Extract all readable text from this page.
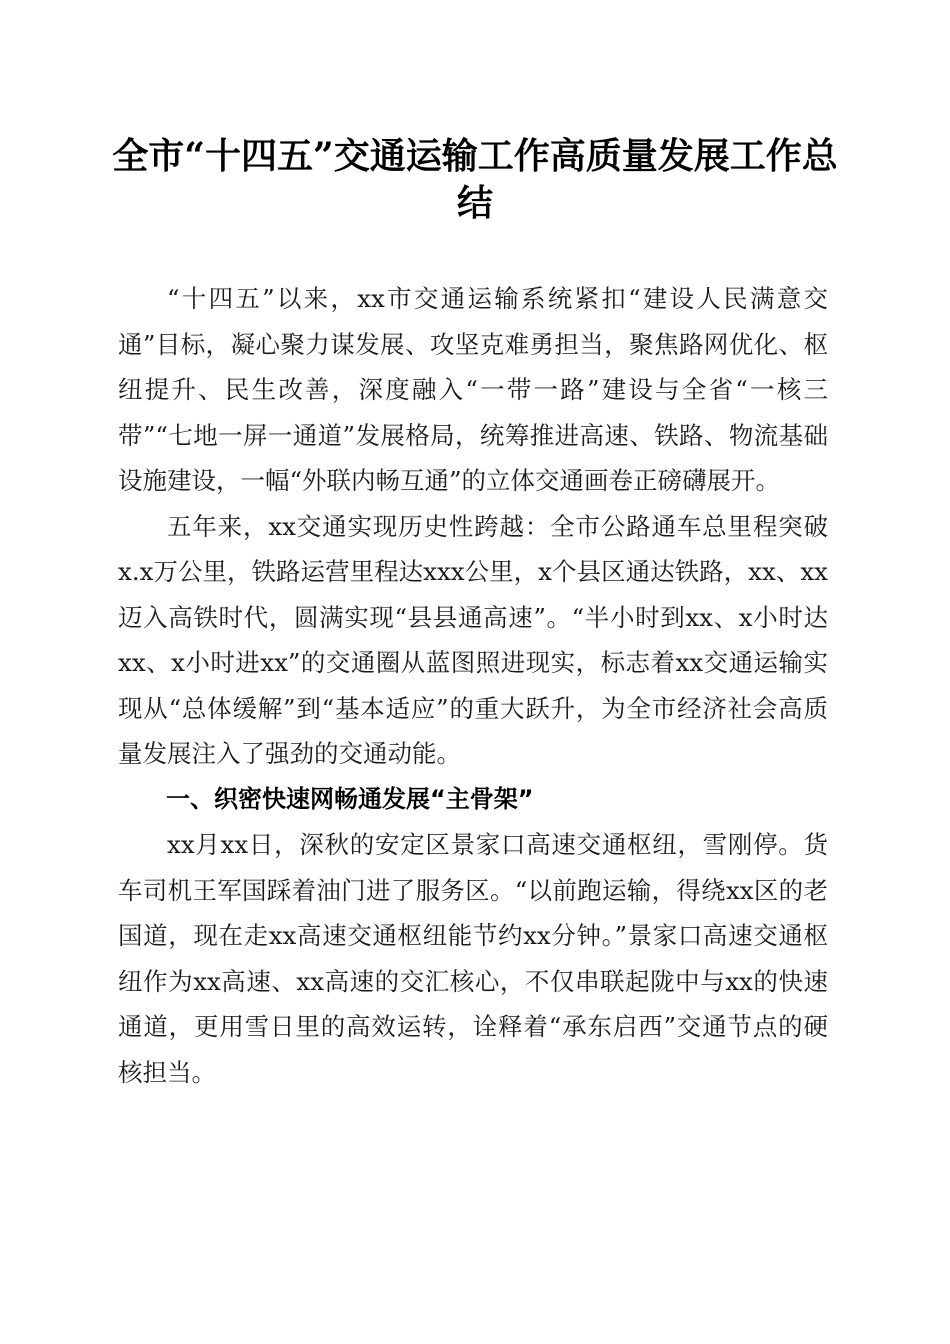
全市“十四五”交通运输工作高质量发展工作总结

“十四五”以来，xx市交通运输系统紧扣“建设人民满意交通”目标，凝心聚力谋发展、攻坚克难勇担当，聚焦路网优化、枢纽提升、民生改善，深度融入“一带一路”建设与全省“一核三带”“七地一屏一通道”发展格局，统筹推进高速、铁路、物流基础设施建设，一幅“外联内畅互通”的立体交通画卷正磅礴展开。

五年来，xx交通实现历史性跨越：全市公路通车总里程突破x.x万公里，铁路运营里程达xxx公里，x个县区通达铁路，xx、xx迈入高铁时代，圆满实现“县县通高速”。“半小时到xx、x小时达xx、x小时进xx”的交通圈从蓝图照进现实，标志着xx交通运输实现从“总体缓解”到“基本适应”的重大跃升，为全市经济社会高质量发展注入了强劲的交通动能。

一、织密快速网畅通发展“主骨架”

xx月xx日，深秋的安定区景家口高速交通枢纽，雪刚停。货车司机王军国踩着油门进了服务区。“以前跑运输，得绕xx区的老国道，现在走xx高速交通枢纽能节约xx分钟。”景家口高速交通枢纽作为xx高速、xx高速的交汇核心，不仅串联起陇中与xx的快速通道，更用雪日里的高效运转，诠释着“承东启西”交通节点的硬核担当。
